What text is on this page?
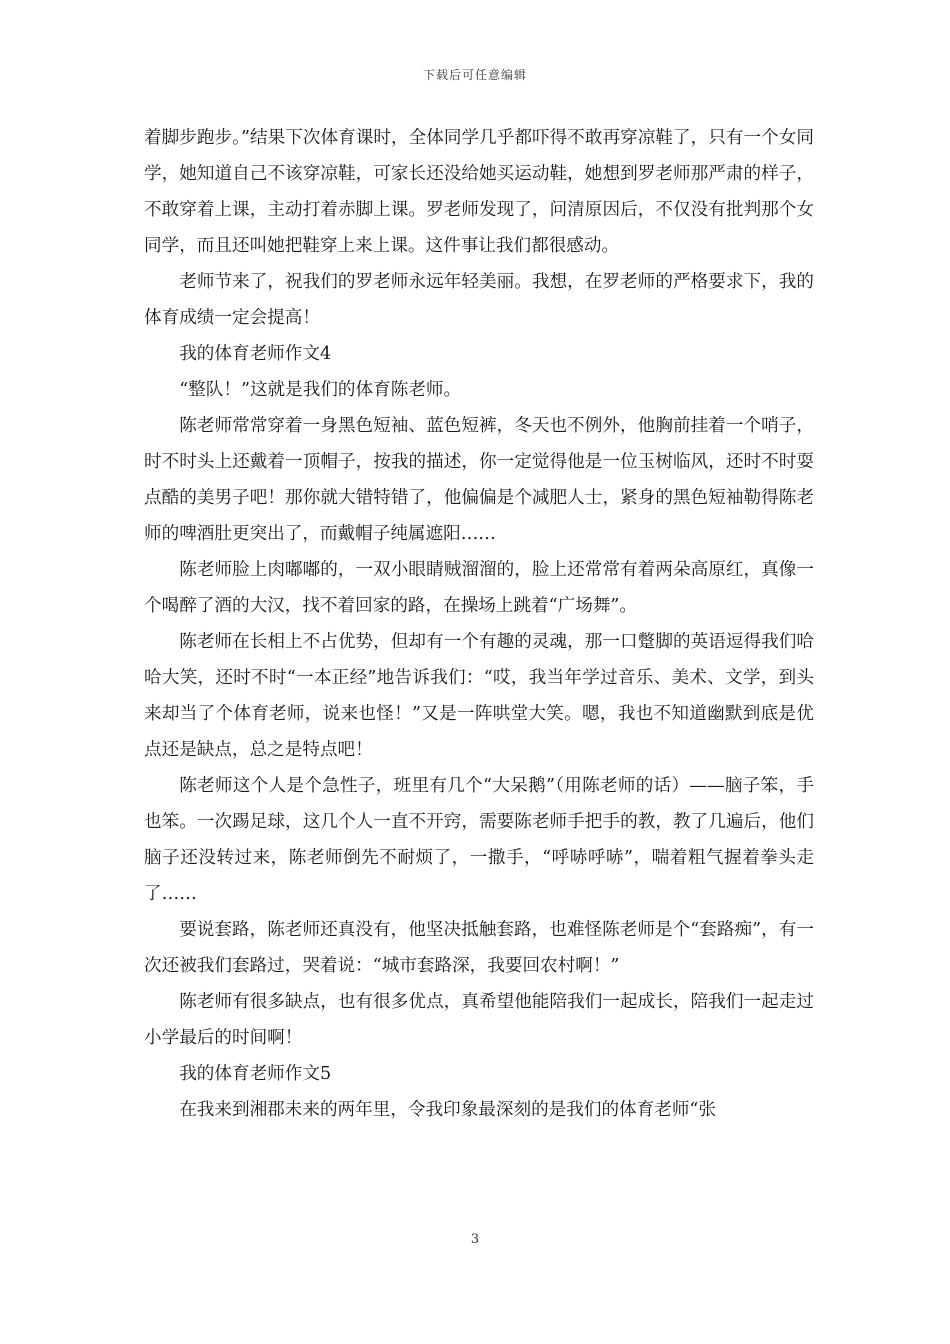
下载后可任意编辑

着脚步跑步。”结果下次体育课时，全体同学几乎都吓得不敢再穿凉鞋了，只有一个女同学，她知道自己不该穿凉鞋，可家长还没给她买运动鞋，她想到罗老师那严肃的样子，不敢穿着上课，主动打着赤脚上课。罗老师发现了，问清原因后，不仅没有批判那个女同学，而且还叫她把鞋穿上来上课。这件事让我们都很感动。

老师节来了，祝我们的罗老师永远年轻美丽。我想，在罗老师的严格要求下，我的体育成绩一定会提高！

我的体育老师作文4

“整队！”这就是我们的体育陈老师。

陈老师常常穿着一身黑色短袖、蓝色短裤，冬天也不例外，他胸前挂着一个哨子，时不时头上还戴着一顶帽子，按我的描述，你一定觉得他是一位玉树临风，还时不时耍点酷的美男子吧！那你就大错特错了，他偏偏是个减肥人士，紧身的黑色短袖勒得陈老师的啤酒肚更突出了，而戴帽子纯属遮阳……

陈老师脸上肉嘟嘟的，一双小眼睛贼溜溜的，脸上还常常有着两朵高原红，真像一个喝醉了酒的大汉，找不着回家的路，在操场上跳着“广场舞”。

陈老师在长相上不占优势，但却有一个有趣的灵魂，那一口蹩脚的英语逗得我们哈哈大笑，还时不时“一本正经”地告诉我们：“哎，我当年学过音乐、美术、文学，到头来却当了个体育老师，说来也怪！”又是一阵哄堂大笑。嗯，我也不知道幽默到底是优点还是缺点，总之是特点吧！

陈老师这个人是个急性子，班里有几个“大呆鹅”（用陈老师的话）——脑子笨，手也笨。一次踢足球，这几个人一直不开窍，需要陈老师手把手的教，教了几遍后，他们脑子还没转过来，陈老师倒先不耐烦了，一撒手，“呼哧呼哧”，喘着粗气握着拳头走了……

要说套路，陈老师还真没有，他坚决抵触套路，也难怪陈老师是个“套路痴”，有一次还被我们套路过，哭着说：“城市套路深，我要回农村啊！”

陈老师有很多缺点，也有很多优点，真希望他能陪我们一起成长，陪我们一起走过小学最后的时间啊！

我的体育老师作文5

在我来到湘郡未来的两年里，令我印象最深刻的是我们的体育老师“张

3
